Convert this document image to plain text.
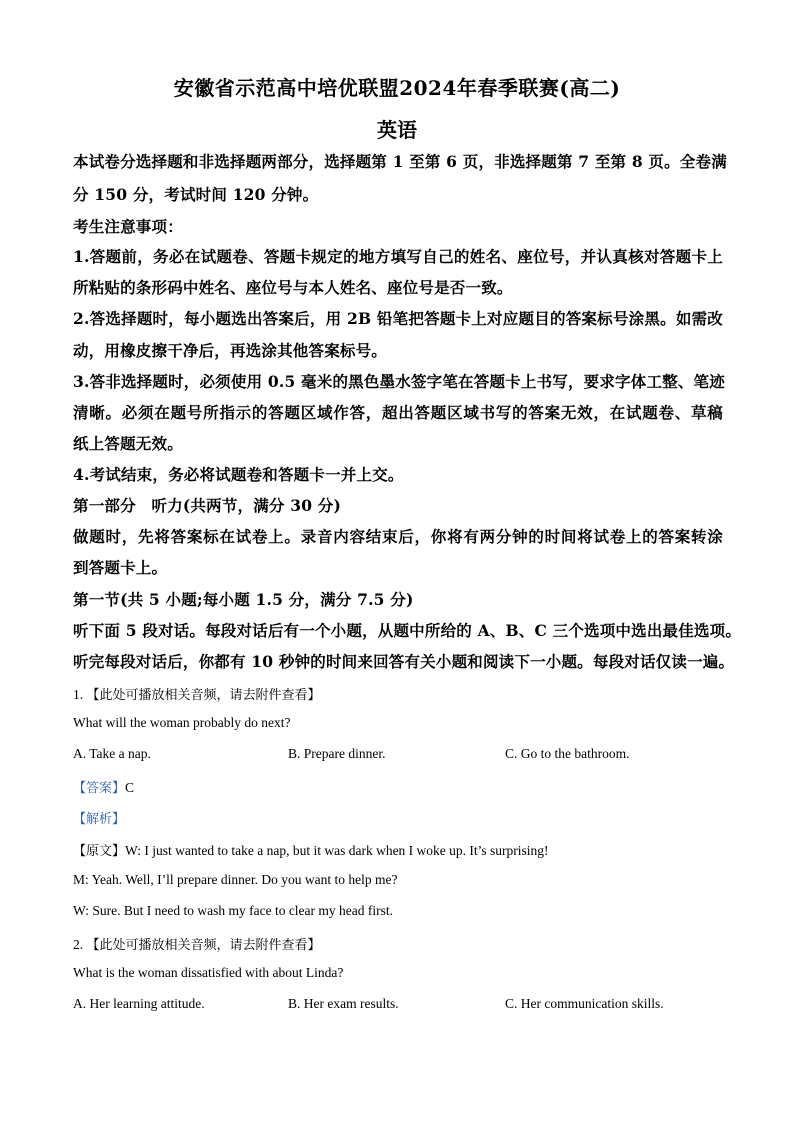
安徽省示范高中培优联盟2024年春季联赛(高二)
英语
本试卷分选择题和非选择题两部分，选择题第 1 至第 6 页，非选择题第 7 至第 8 页。全卷满
分 150 分，考试时间 120 分钟。
考生注意事项：
1.答题前，务必在试题卷、答题卡规定的地方填写自己的姓名、座位号，并认真核对答题卡上
所粘贴的条形码中姓名、座位号与本人姓名、座位号是否一致。
2.答选择题时，每小题选出答案后，用 2B 铅笔把答题卡上对应题目的答案标号涂黑。如需改
动，用橡皮擦干净后，再选涂其他答案标号。
3.答非选择题时，必须使用 0.5 毫米的黑色墨水签字笔在答题卡上书写，要求字体工整、笔迹
清晰。必须在题号所指示的答题区域作答，超出答题区域书写的答案无效，在试题卷、草稿
纸上答题无效。
4.考试结束，务必将试题卷和答题卡一并上交。
第一部分　听力(共两节，满分 30 分)
做题时，先将答案标在试卷上。录音内容结束后，你将有两分钟的时间将试卷上的答案转涂
到答题卡上。
第一节(共 5 小题;每小题 1.5 分，满分 7.5 分)
听下面 5 段对话。每段对话后有一个小题，从题中所给的 A、B、C 三个选项中选出最佳选项。
听完每段对话后，你都有 10 秒钟的时间来回答有关小题和阅读下一小题。每段对话仅读一遍。
1. 【此处可播放相关音频，请去附件查看】
What will the woman probably do next?
A. Take a nap.	B. Prepare dinner.	C. Go to the bathroom.
【答案】C
【解析】
【原文】W: I just wanted to take a nap, but it was dark when I woke up. It’s surprising!
M: Yeah. Well, I’ll prepare dinner. Do you want to help me?
W: Sure. But I need to wash my face to clear my head first.
2. 【此处可播放相关音频，请去附件查看】
What is the woman dissatisfied with about Linda?
A. Her learning attitude.	B. Her exam results.	C. Her communication skills.
